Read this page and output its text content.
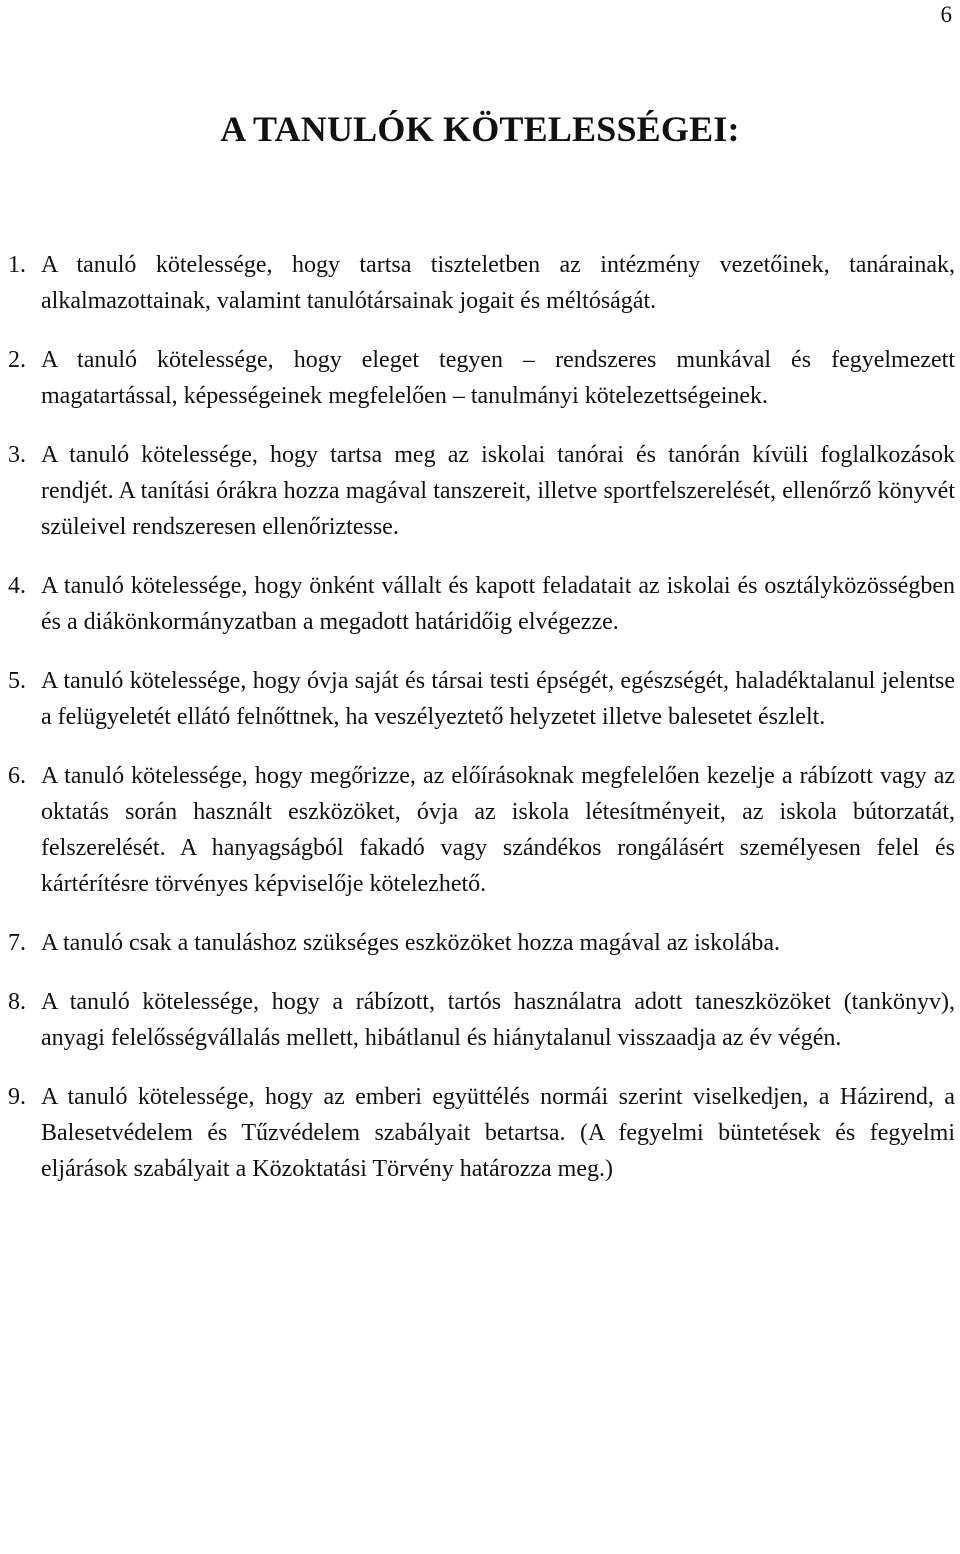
6
A TANULÓK KÖTELESSÉGEI:
1. A tanuló kötelessége, hogy tartsa tiszteletben az intézmény vezetőinek, tanárainak, alkalmazottainak, valamint tanulótársainak jogait és méltóságát.
2. A tanuló kötelessége, hogy eleget tegyen – rendszeres munkával és fegyelmezett magatartással, képességeinek megfelelően – tanulmányi kötelezettségeinek.
3. A tanuló kötelessége, hogy tartsa meg az iskolai tanórai és tanórán kívüli foglalkozások rendjét. A tanítási órákra hozza magával tanszereit, illetve sportfelszerelését, ellenőrző könyvét szüleivel rendszeresen ellenőriztesse.
4. A tanuló kötelessége, hogy önként vállalt és kapott feladatait az iskolai és osztályközösségben és a diákönkormányzatban a megadott határidőig elvégezze.
5. A tanuló kötelessége, hogy óvja saját és társai testi épségét, egészségét, haladéktalanul jelentse a felügyeletét ellátó felnőttnek, ha veszélyeztető helyzetet illetve balesetet észlelt.
6. A tanuló kötelessége, hogy megőrizze, az előírásoknak megfelelően kezelje a rábízott vagy az oktatás során használt eszközöket, óvja az iskola létesítményeit, az iskola bútorzatát, felszerelését. A hanyagságból fakadó vagy szándékos rongálásért személyesen felel és kártérítésre törvényes képviselője kötelezhető.
7. A tanuló csak a tanuláshoz szükséges eszközöket hozza magával az iskolába.
8. A tanuló kötelessége, hogy a rábízott, tartós használatra adott taneszközöket (tankönyv), anyagi felelősségvállalás mellett, hibátlanul és hiánytalanul visszaadja az év végén.
9. A tanuló kötelessége, hogy az emberi együttélés normái szerint viselkedjen, a Házirend, a Balesetvédelem és Tűzvédelem szabályait betartsa. (A fegyelmi büntetések és fegyelmi eljárások szabályait a Közoktatási Törvény határozza meg.)
